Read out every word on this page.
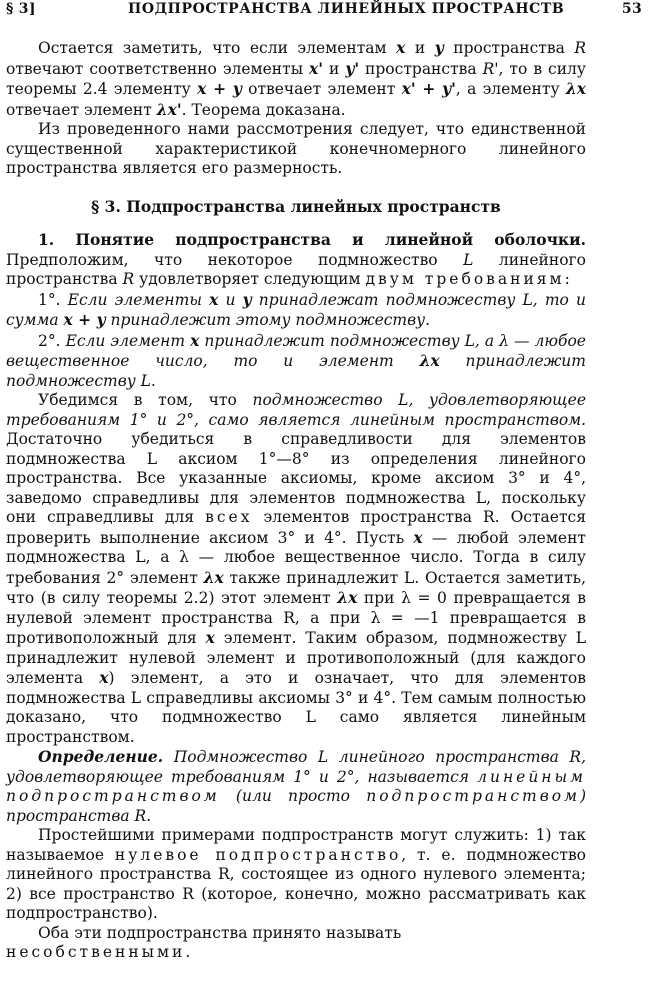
§ 3]	ПОДПРОСТРАНСТВА ЛИНЕЙНЫХ ПРОСТРАНСТВ	53

Остается заметить, что если элементам x и y пространства R отвечают соответственно элементы x' и y' пространства R', то в силу теоремы 2.4 элементу x + y отвечает элемент x' + y', а элементу λx отвечает элемент λx'. Теорема доказана.

Из проведенного нами рассмотрения следует, что единственной существенной характеристикой конечномерного линейного пространства является его размерность.

§ 3. Подпространства линейных пространств

1. Понятие подпространства и линейной оболочки. Предположим, что некоторое подмножество L линейного пространства R удовлетворяет следующим двум требованиям:

1°. Если элементы x и y принадлежат подмножеству L, то и сумма x + y принадлежит этому подмножеству.

2°. Если элемент x принадлежит подмножеству L, а λ — любое вещественное число, то и элемент λx принадлежит подмножеству L.

Убедимся в том, что подмножество L, удовлетворяющее требованиям 1° и 2°, само является линейным пространством. Достаточно убедиться в справедливости для элементов подмножества L аксиом 1°—8° из определения линейного пространства. Все указанные аксиомы, кроме аксиом 3° и 4°, заведомо справедливы для элементов подмножества L, поскольку они справедливы для всех элементов пространства R. Остается проверить выполнение аксиом 3° и 4°. Пусть x — любой элемент подмножества L, а λ — любое вещественное число. Тогда в силу требования 2° элемент λx также принадлежит L. Остается заметить, что (в силу теоремы 2.2) этот элемент λx при λ = 0 превращается в нулевой элемент пространства R, а при λ = —1 превращается в противоположный для x элемент. Таким образом, подмножеству L принадлежит нулевой элемент и противоположный (для каждого элемента x) элемент, а это и означает, что для элементов подмножества L справедливы аксиомы 3° и 4°. Тем самым полностью доказано, что подмножество L само является линейным пространством.

Определение. Подмножество L линейного пространства R, удовлетворяющее требованиям 1° и 2°, называется линейным подпространством (или просто подпространством) пространства R.

Простейшими примерами подпространств могут служить: 1) так называемое нулевое подпространство, т. е. подмножество линейного пространства R, состоящее из одного нулевого элемента; 2) все пространство R (которое, конечно, можно рассматривать как подпространство).

Оба эти подпространства принято называть несобственными.
